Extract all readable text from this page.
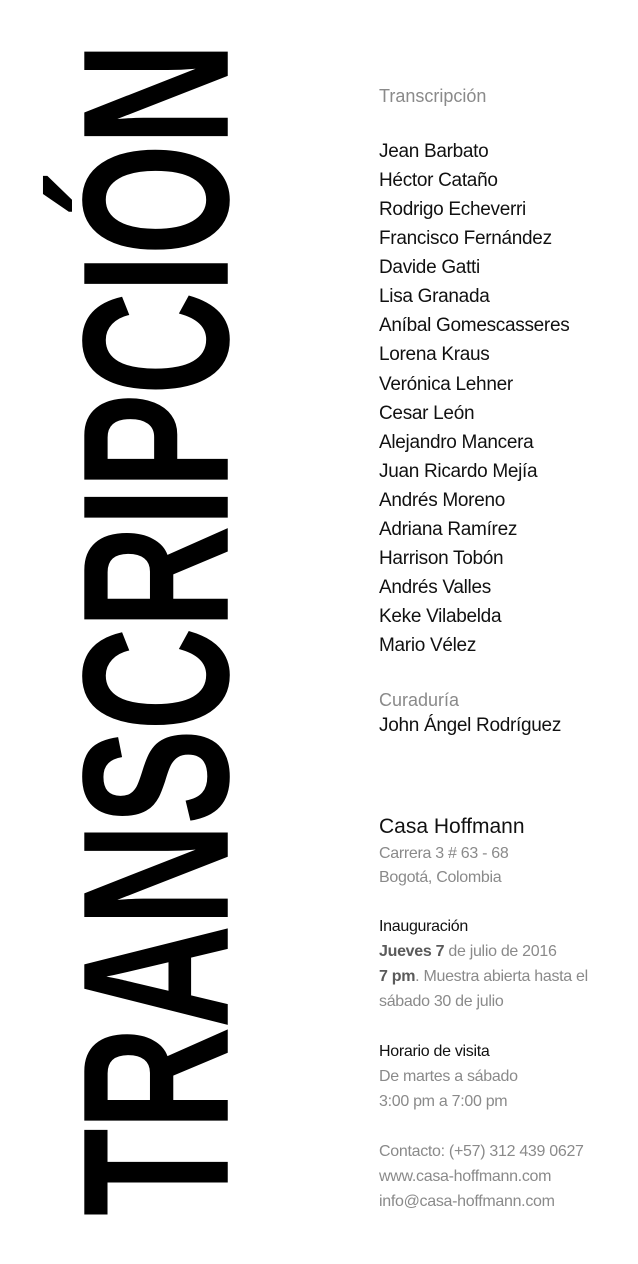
TRANSCRIPCIÓN	Transcripción
Jean Barbato
Héctor Cataño
Rodrigo Echeverri
Francisco Fernández
Davide Gatti
Lisa Granada
Aníbal Gomescasseres
Lorena Kraus
Verónica Lehner
Cesar León
Alejandro Mancera
Juan Ricardo Mejía
Andrés Moreno
Adriana Ramírez
Harrison Tobón
Andrés Valles
Keke Vilabelda
Mario Vélez
Curaduría
John Ángel Rodríguez
Casa Hoffmann
Carrera 3 # 63 - 68
Bogotá, Colombia
Inauguración
Jueves 7 de julio de 2016
7 pm. Muestra abierta hasta el
sábado 30 de julio
Horario de visita
De martes a sábado
3:00 pm a 7:00 pm
Contacto: (+57) 312 439 0627
www.casa-hoffmann.com
info@casa-hoffmann.com
